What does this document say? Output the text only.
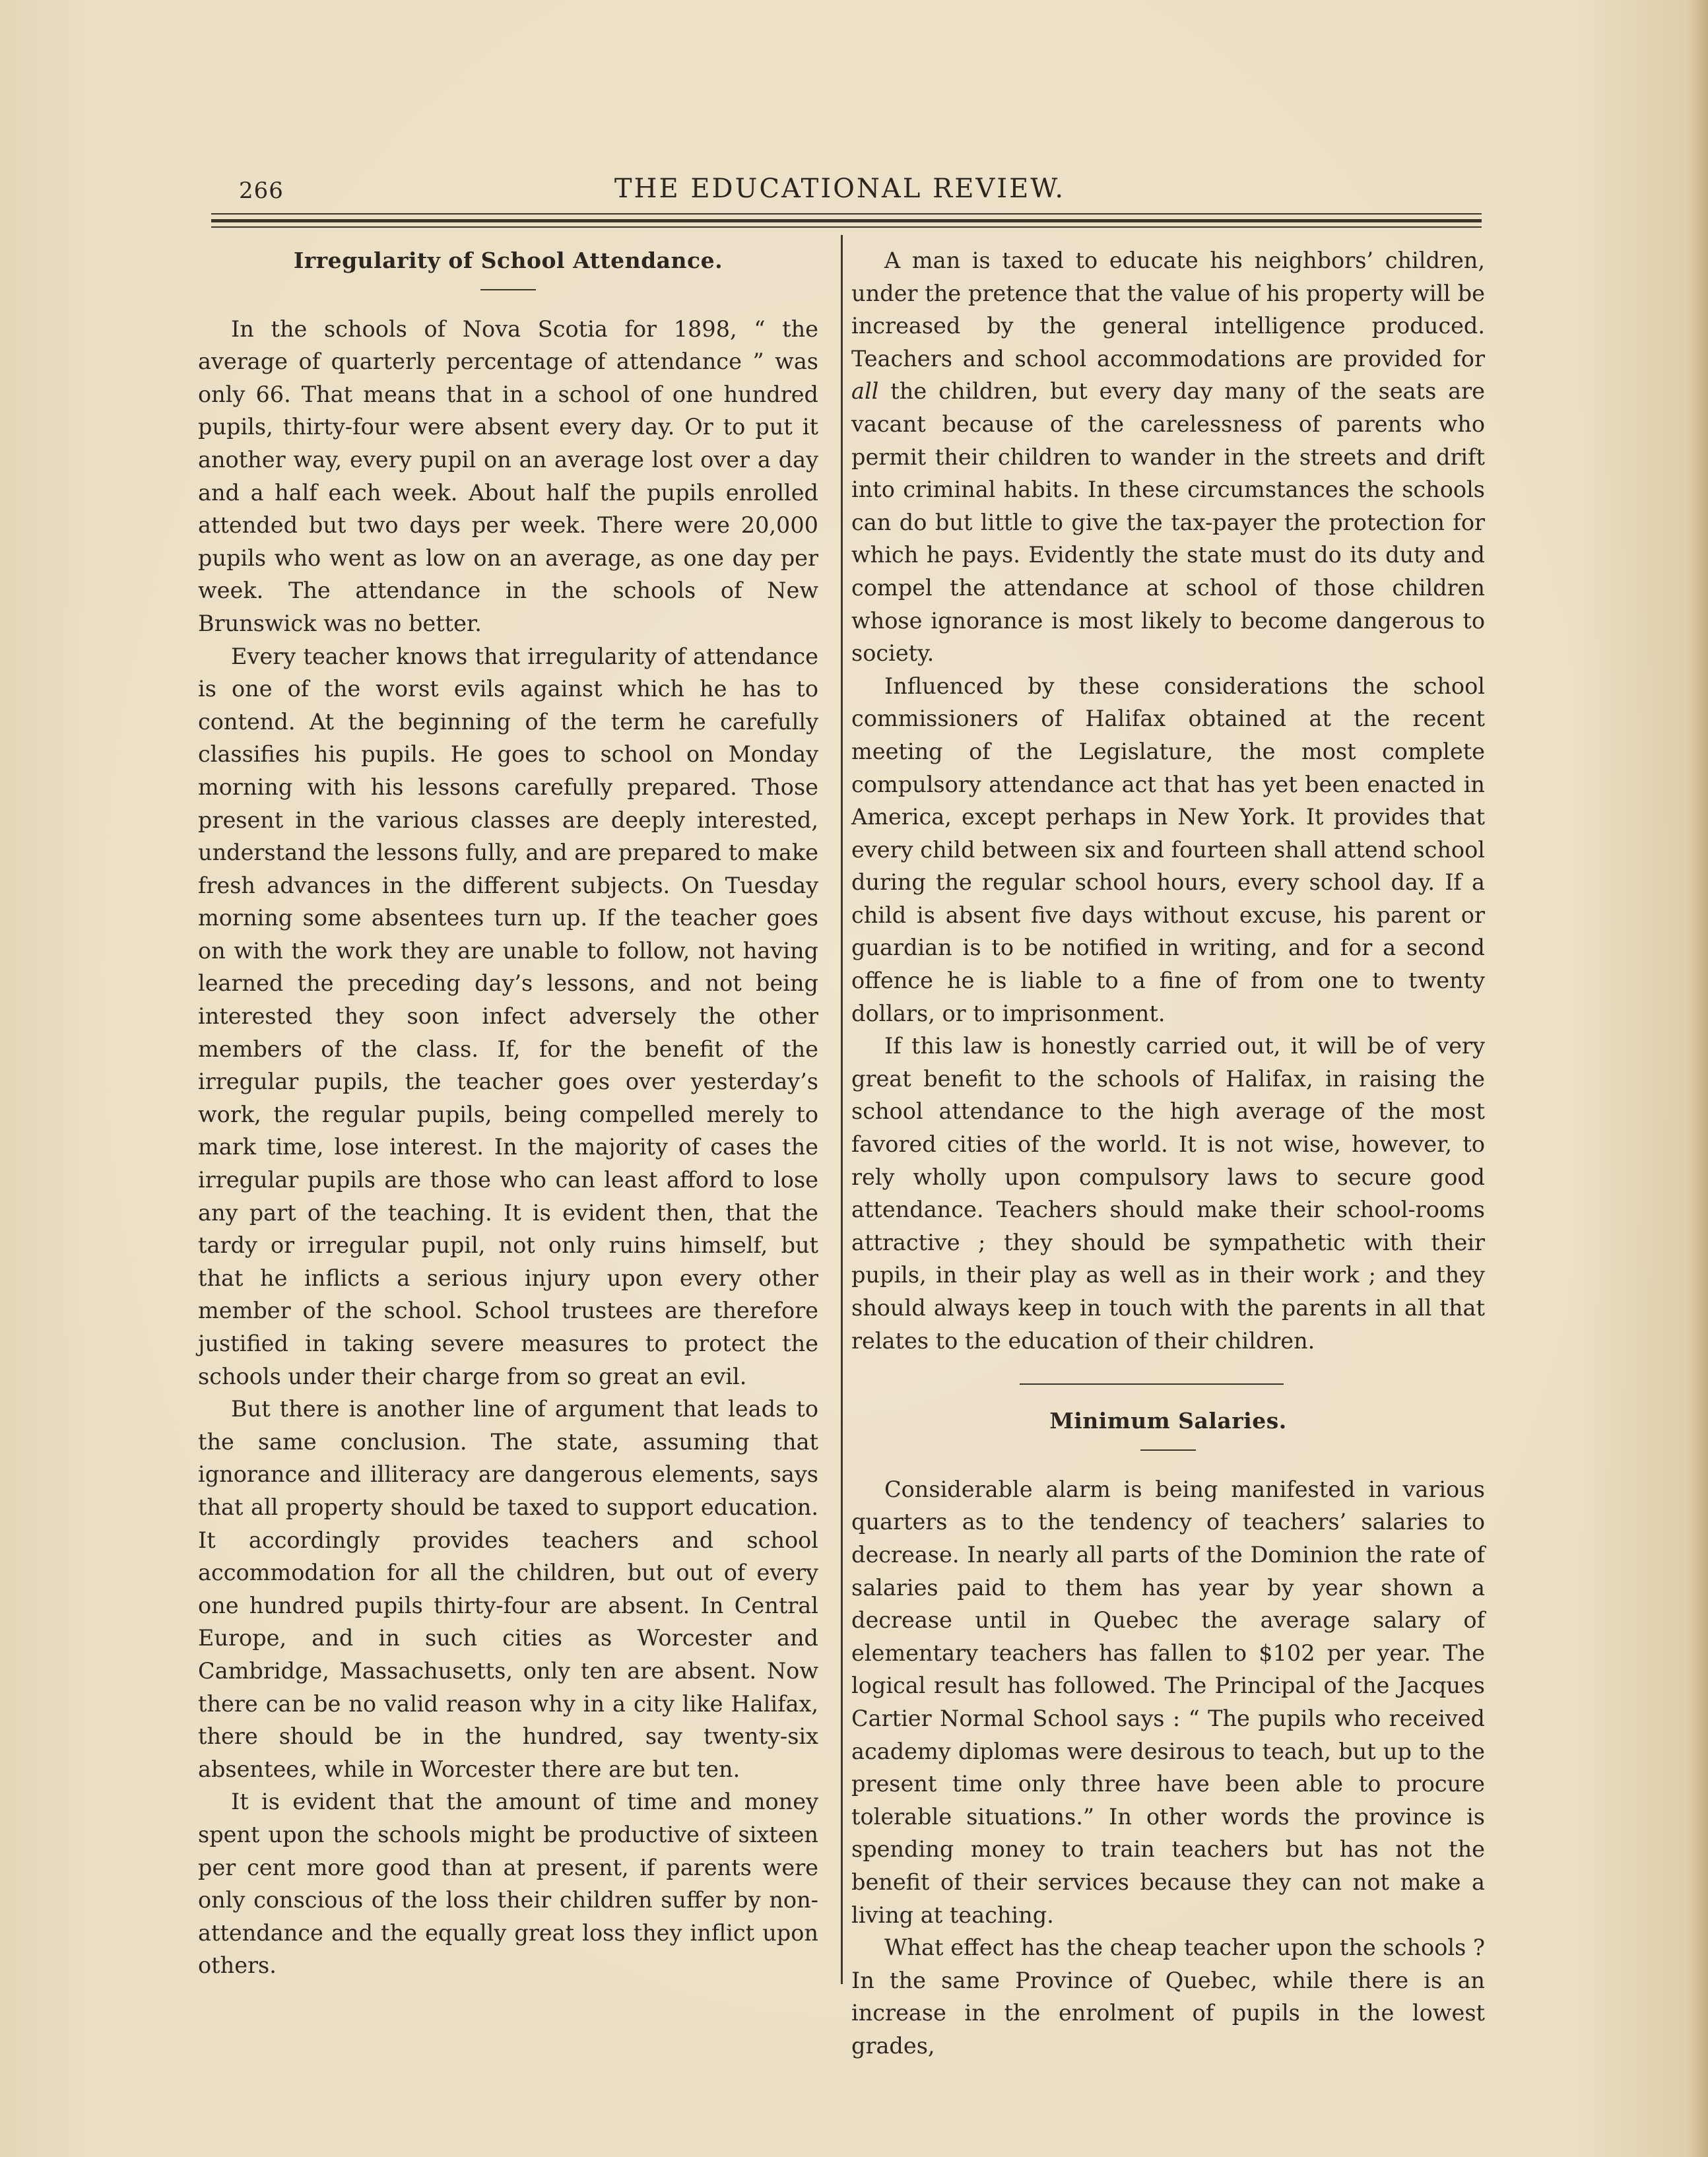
266	THE EDUCATIONAL REVIEW.
Irregularity of School Attendance.

In the schools of Nova Scotia for 1898, “ the average of quarterly percentage of attendance ” was only 66. That means that in a school of one hundred pupils, thirty-four were absent every day. Or to put it another way, every pupil on an average lost over a day and a half each week. About half the pupils enrolled attended but two days per week. There were 20,000 pupils who went as low on an average, as one day per week. The attendance in the schools of New Brunswick was no better.

Every teacher knows that irregularity of attendance is one of the worst evils against which he has to contend. At the beginning of the term he carefully classifies his pupils. He goes to school on Monday morning with his lessons carefully prepared. Those present in the various classes are deeply interested, understand the lessons fully, and are prepared to make fresh advances in the different subjects. On Tuesday morning some absentees turn up. If the teacher goes on with the work they are unable to follow, not having learned the preceding day’s lessons, and not being interested they soon infect adversely the other members of the class. If, for the benefit of the irregular pupils, the teacher goes over yesterday’s work, the regular pupils, being compelled merely to mark time, lose interest. In the majority of cases the irregular pupils are those who can least afford to lose any part of the teaching. It is evident then, that the tardy or irregular pupil, not only ruins himself, but that he inflicts a serious injury upon every other member of the school. School trustees are therefore justified in taking severe measures to protect the schools under their charge from so great an evil.

But there is another line of argument that leads to the same conclusion. The state, assuming that ignorance and illiteracy are dangerous elements, says that all property should be taxed to support education. It accordingly provides teachers and school accommodation for all the children, but out of every one hundred pupils thirty-four are absent. In Central Europe, and in such cities as Worcester and Cambridge, Massachusetts, only ten are absent. Now there can be no valid reason why in a city like Halifax, there should be in the hundred, say twenty-six absentees, while in Worcester there are but ten.

It is evident that the amount of time and money spent upon the schools might be productive of sixteen per cent more good than at present, if parents were only conscious of the loss their children suffer by non-attendance and the equally great loss they inflict upon others.

A man is taxed to educate his neighbors’ children, under the pretence that the value of his property will be increased by the general intelligence produced. Teachers and school accommodations are provided for all the children, but every day many of the seats are vacant because of the carelessness of parents who permit their children to wander in the streets and drift into criminal habits. In these circumstances the schools can do but little to give the tax-payer the protection for which he pays. Evidently the state must do its duty and compel the attendance at school of those children whose ignorance is most likely to become dangerous to society.

Influenced by these considerations the school commissioners of Halifax obtained at the recent meeting of the Legislature, the most complete compulsory attendance act that has yet been enacted in America, except perhaps in New York. It provides that every child between six and fourteen shall attend school during the regular school hours, every school day. If a child is absent five days without excuse, his parent or guardian is to be notified in writing, and for a second offence he is liable to a fine of from one to twenty dollars, or to imprisonment.

If this law is honestly carried out, it will be of very great benefit to the schools of Halifax, in raising the school attendance to the high average of the most favored cities of the world. It is not wise, however, to rely wholly upon compulsory laws to secure good attendance. Teachers should make their school-rooms attractive ; they should be sympathetic with their pupils, in their play as well as in their work ; and they should always keep in touch with the parents in all that relates to the education of their children.

Minimum Salaries.

Considerable alarm is being manifested in various quarters as to the tendency of teachers’ salaries to decrease. In nearly all parts of the Dominion the rate of salaries paid to them has year by year shown a decrease until in Quebec the average salary of elementary teachers has fallen to $102 per year. The logical result has followed. The Principal of the Jacques Cartier Normal School says : “ The pupils who received academy diplomas were desirous to teach, but up to the present time only three have been able to procure tolerable situations.” In other words the province is spending money to train teachers but has not the benefit of their services because they can not make a living at teaching.

What effect has the cheap teacher upon the schools ? In the same Province of Quebec, while there is an increase in the enrolment of pupils in the lowest grades,
